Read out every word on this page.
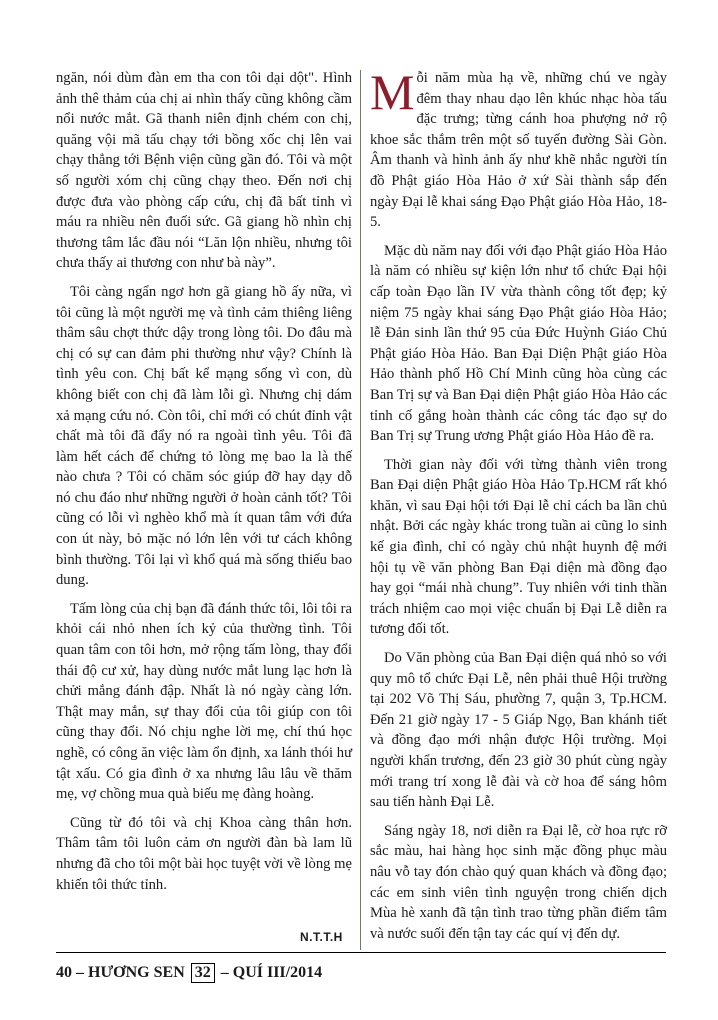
ngăn, nói dùm đàn em tha con tôi dại dột". Hình ảnh thê thảm của chị ai nhìn thấy cũng không cầm nổi nước mắt. Gã thanh niên định chém con chị, quăng vội mã tấu chạy tới bồng xốc chị lên vai chạy thẳng tới Bệnh viện cũng gần đó. Tôi và một số người xóm chị cũng chạy theo. Đến nơi chị được đưa vào phòng cấp cứu, chị đã bất tỉnh vì máu ra nhiều nên đuối sức. Gã giang hồ nhìn chị thương tâm lắc đầu nói “Lăn lộn nhiều, nhưng tôi chưa thấy ai thương con như bà này”.

Tôi càng ngẩn ngơ hơn gã giang hồ ấy nữa, vì tôi cũng là một người mẹ và tình cảm thiêng liêng thâm sâu chợt thức dậy trong lòng tôi. Do đâu mà chị có sự can đảm phi thường như vậy? Chính là tình yêu con. Chị bất kể mạng sống vì con, dù không biết con chị đã làm lỗi gì. Nhưng chị dám xả mạng cứu nó. Còn tôi, chỉ mới có chút đỉnh vật chất mà tôi đã đẩy nó ra ngoài tình yêu. Tôi đã làm hết cách để chứng tỏ lòng mẹ bao la là thế nào chưa ? Tôi có chăm sóc giúp đỡ hay dạy dỗ nó chu đáo như những người ở hoàn cảnh tốt? Tôi cũng có lỗi vì nghèo khổ mà ít quan tâm với đứa con út này, bỏ mặc nó lớn lên với tư cách không bình thường. Tôi lại vì khổ quá mà sống thiếu bao dung.

Tấm lòng của chị bạn đã đánh thức tôi, lôi tôi ra khỏi cái nhỏ nhen ích kỷ của thường tình. Tôi quan tâm con tôi hơn, mở rộng tấm lòng, thay đổi thái độ cư xử, hay dùng nước mắt lung lạc hơn là chửi mắng đánh đập. Nhất là nó ngày càng lớn. Thật may mắn, sự thay đổi của tôi giúp con tôi cũng thay đổi. Nó chịu nghe lời mẹ, chí thú học nghề, có công ăn việc làm ổn định, xa lánh thói hư tật xấu. Có gia đình ở xa nhưng lâu lâu về thăm mẹ, vợ chồng mua quà biếu mẹ đàng hoàng.

Cũng từ đó tôi và chị Khoa càng thân hơn. Thâm tâm tôi luôn cảm ơn người đàn bà lam lũ nhưng đã cho tôi một bài học tuyệt vời về lòng mẹ khiến tôi thức tỉnh.

N.T.T.H

Mỗi năm mùa hạ về, những chú ve ngày đêm thay nhau dạo lên khúc nhạc hòa tấu đặc trưng; từng cánh hoa phượng nở rộ khoe sắc thắm trên một số tuyến đường Sài Gòn. Âm thanh và hình ảnh ấy như khẽ nhắc người tín đồ Phật giáo Hòa Hảo ở xứ Sài thành sắp đến ngày Đại lễ khai sáng Đạo Phật giáo Hòa Hảo, 18-5.

Mặc dù năm nay đối với đạo Phật giáo Hòa Hảo là năm có nhiều sự kiện lớn như tổ chức Đại hội cấp toàn Đạo lần IV vừa thành công tốt đẹp; kỷ niệm 75 ngày khai sáng Đạo Phật giáo Hòa Hảo; lễ Đản sinh lần thứ 95 của Đức Huỳnh Giáo Chủ Phật giáo Hòa Hảo. Ban Đại Diện Phật giáo Hòa Hảo thành phố Hồ Chí Minh cũng hòa cùng các Ban Trị sự và Ban Đại diện Phật giáo Hòa Hảo các tỉnh cố gắng hoàn thành các công tác đạo sự do Ban Trị sự Trung ương Phật giáo Hòa Hảo đề ra.

Thời gian này đối với từng thành viên trong Ban Đại diện Phật giáo Hòa Hảo Tp.HCM rất khó khăn, vì sau Đại hội tới Đại lễ chỉ cách ba lần chủ nhật. Bởi các ngày khác trong tuần ai cũng lo sinh kế gia đình, chỉ có ngày chủ nhật huynh đệ mới hội tụ về văn phòng Ban Đại diện mà đồng đạo hay gọi “mái nhà chung”. Tuy nhiên với tinh thần trách nhiệm cao mọi việc chuẩn bị Đại Lễ diễn ra tương đối tốt.

Do Văn phòng của Ban Đại diện quá nhỏ so với quy mô tổ chức Đại Lễ, nên phải thuê Hội trường tại 202 Võ Thị Sáu, phường 7, quận 3, Tp.HCM. Đến 21 giờ ngày 17 - 5 Giáp Ngọ, Ban khánh tiết và đồng đạo mới nhận được Hội trường. Mọi người khẩn trương, đến 23 giờ 30 phút cùng ngày mới trang trí xong lễ đài và cờ hoa để sáng hôm sau tiến hành Đại Lễ.

Sáng ngày 18, nơi diễn ra Đại lễ, cờ hoa rực rỡ sắc màu, hai hàng học sinh mặc đồng phục màu nâu vỗ tay đón chào quý quan khách và đồng đạo; các em sinh viên tình nguyện trong chiến dịch Mùa hè xanh đã tận tình trao từng phần điểm tâm và nước suối đến tận tay các quí vị đến dự.

40 – HƯƠNG SEN 32 – QUÍ III/2014
